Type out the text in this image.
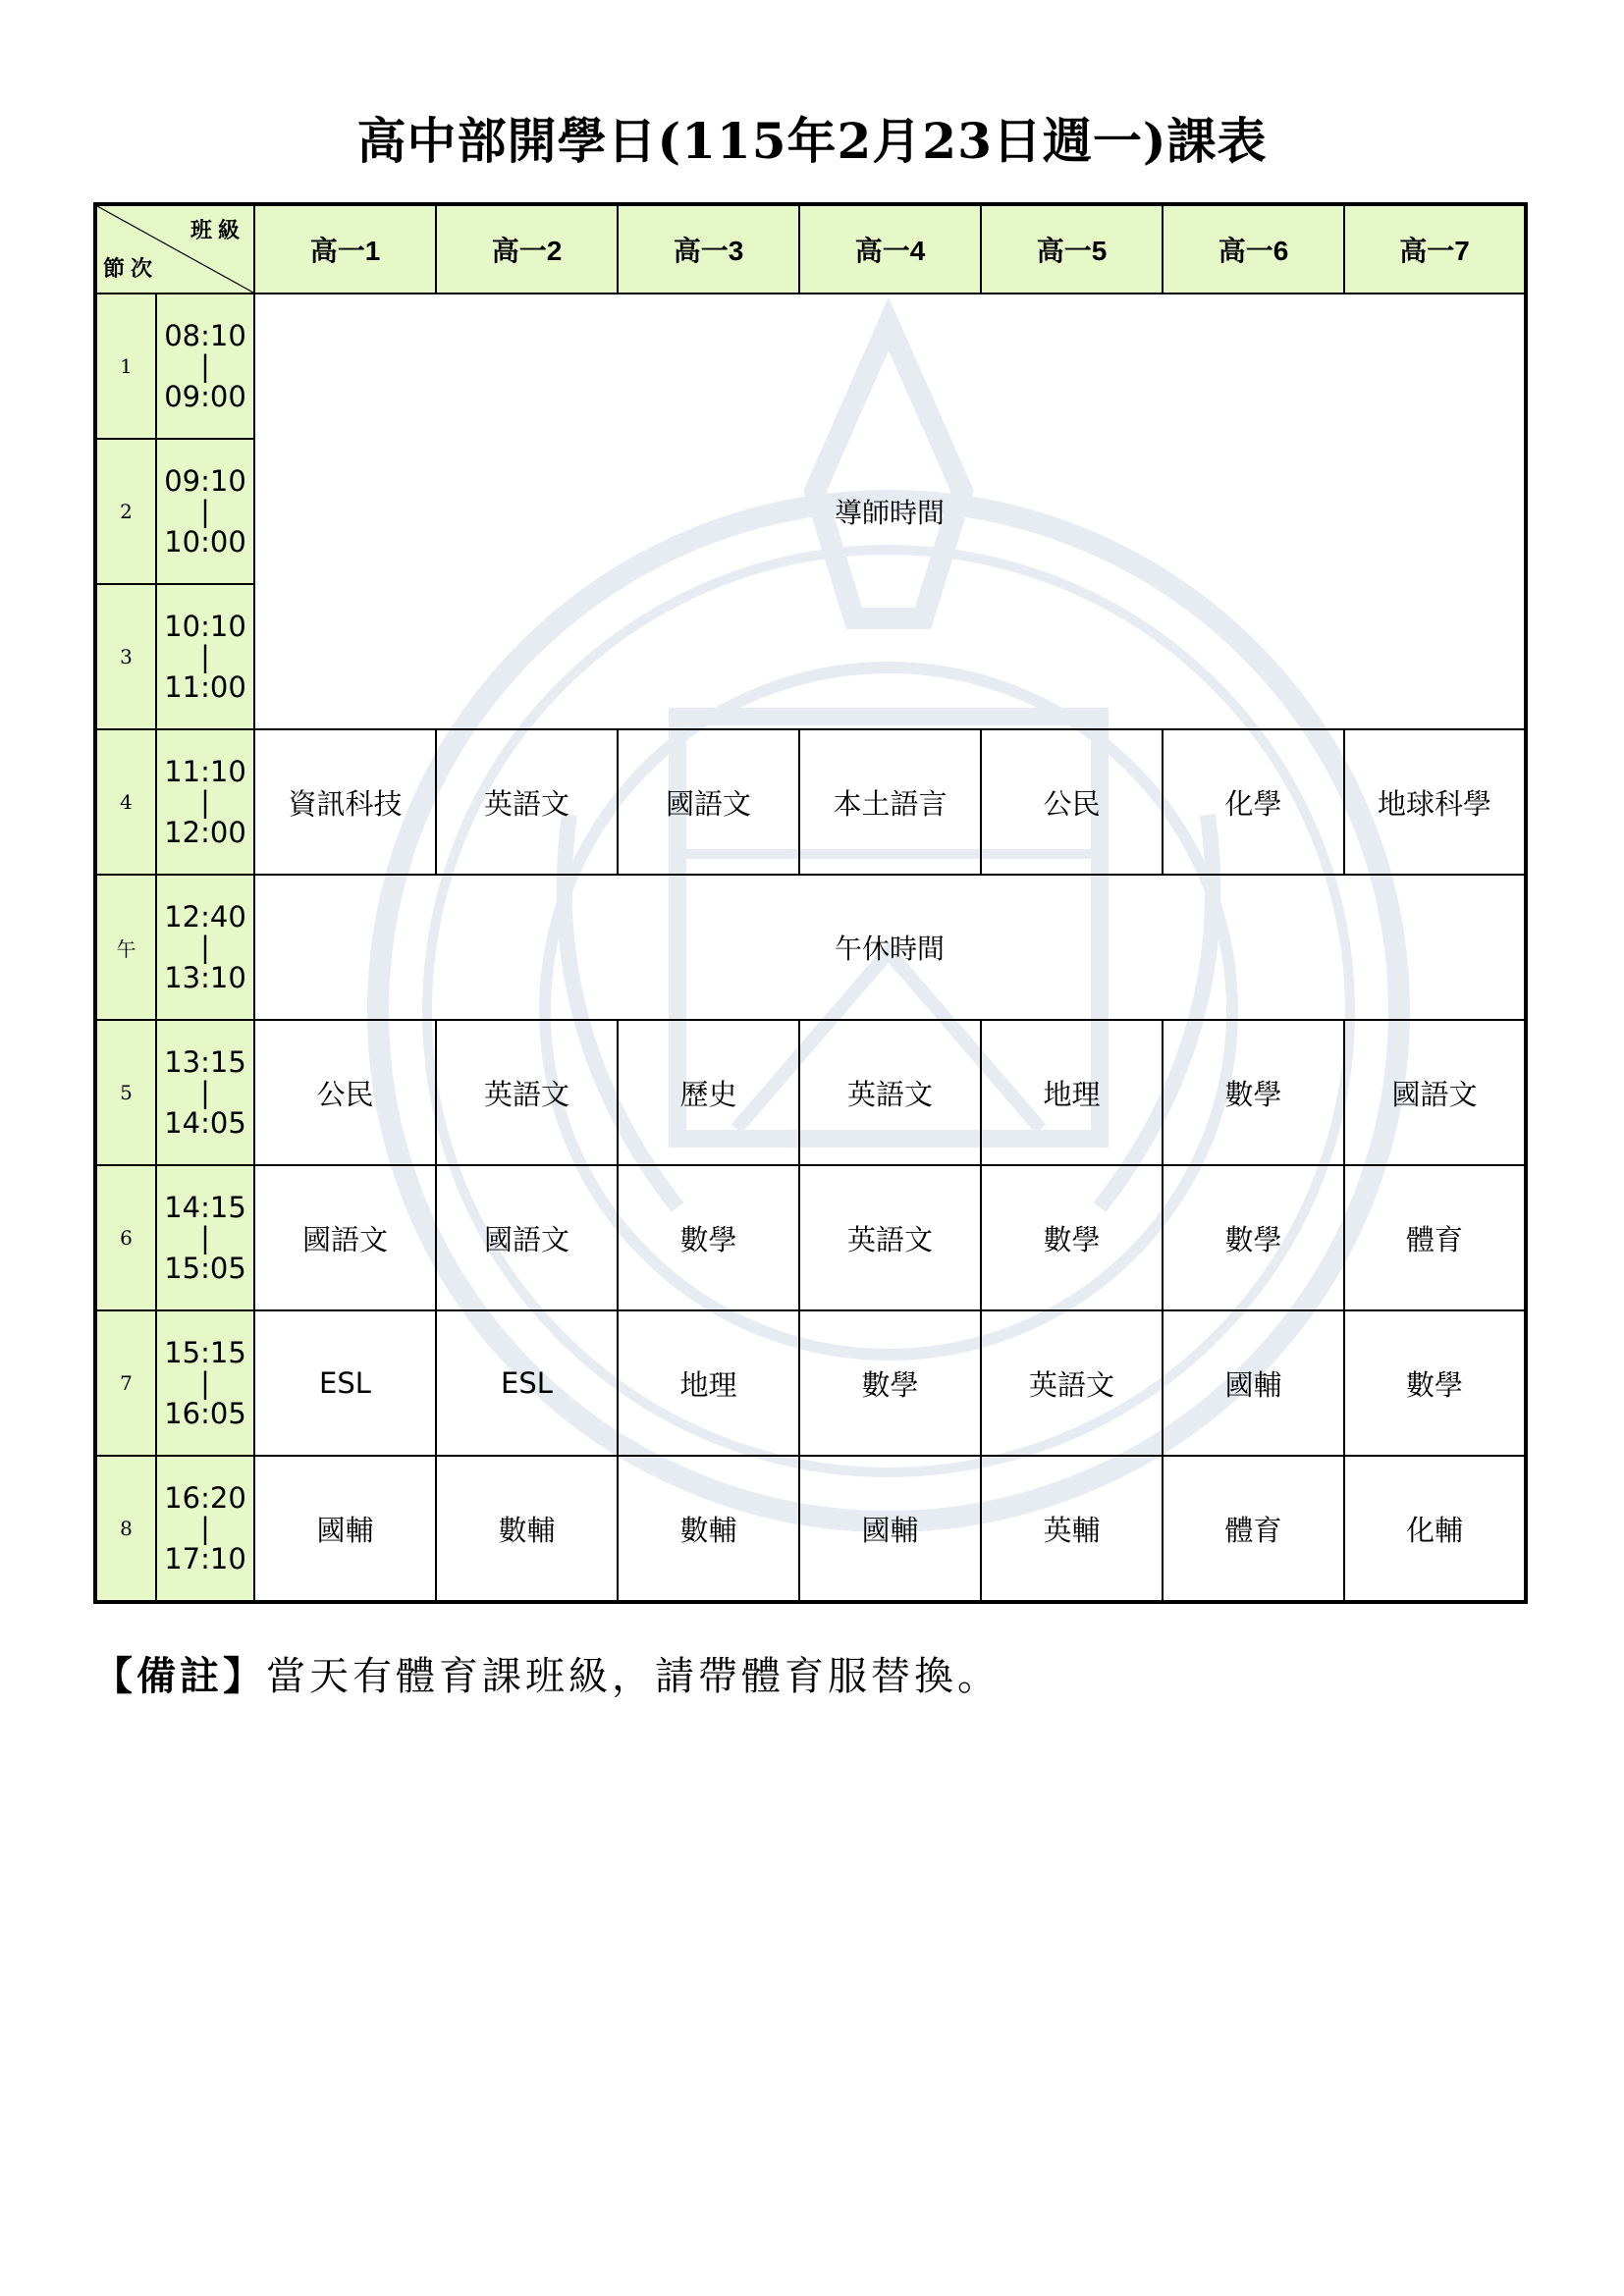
高中部開學日(115年2月23日週一)課表
班級
節次		高一1	高一2	高一3	高一4	高一5	高一6	高一7
1	08:10
|
09:00	導師時間						
2	09:10
|
10:00							

3	10:10
|
11:00							

4	11:10
|
12:00	資訊科技	英語文	國語文	本土語言	公民	化學	地球科學
午	12:40
|
13:10	午休時間						
5	13:15
|
14:05	公民	英語文	歷史	英語文	地理	數學	國語文
6	14:15
|
15:05	國語文	國語文	數學	英語文	數學	數學	體育
7	15:15
|
16:05	ESL	ESL	地理	數學	英語文	國輔	數學
8	16:20
|
17:10	國輔	數輔	數輔	國輔	英輔	體育	化輔
【備註】當天有體育課班級，請帶體育服替換。
